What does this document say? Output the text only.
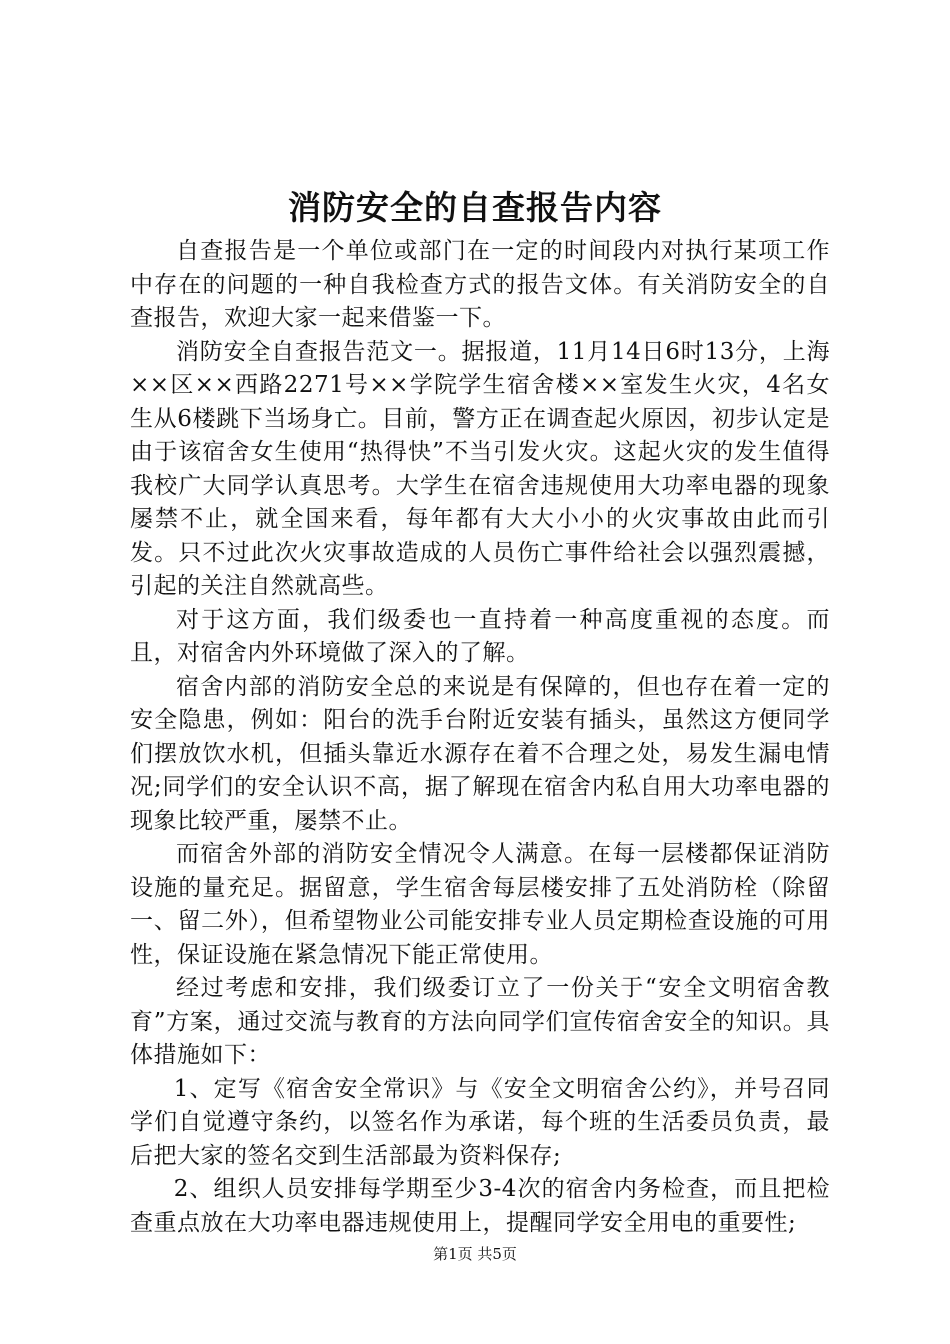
消防安全的自查报告内容

自查报告是一个单位或部门在一定的时间段内对执行某项工作中存在的问题的一种自我检查方式的报告文体。有关消防安全的自查报告，欢迎大家一起来借鉴一下。

消防安全自查报告范文一。据报道，11月14日6时13分，上海××区××西路2271号××学院学生宿舍楼××室发生火灾，4名女生从6楼跳下当场身亡。目前，警方正在调查起火原因，初步认定是由于该宿舍女生使用“热得快”不当引发火灾。这起火灾的发生值得我校广大同学认真思考。大学生在宿舍违规使用大功率电器的现象屡禁不止，就全国来看，每年都有大大小小的火灾事故由此而引发。只不过此次火灾事故造成的人员伤亡事件给社会以强烈震撼，引起的关注自然就高些。

对于这方面，我们级委也一直持着一种高度重视的态度。而且，对宿舍内外环境做了深入的了解。

宿舍内部的消防安全总的来说是有保障的，但也存在着一定的安全隐患，例如：阳台的洗手台附近安装有插头，虽然这方便同学们摆放饮水机，但插头靠近水源存在着不合理之处，易发生漏电情况;同学们的安全认识不高，据了解现在宿舍内私自用大功率电器的现象比较严重，屡禁不止。

而宿舍外部的消防安全情况令人满意。在每一层楼都保证消防设施的量充足。据留意，学生宿舍每层楼安排了五处消防栓（除留一、留二外），但希望物业公司能安排专业人员定期检查设施的可用性，保证设施在紧急情况下能正常使用。

经过考虑和安排，我们级委订立了一份关于“安全文明宿舍教育”方案，通过交流与教育的方法向同学们宣传宿舍安全的知识。具体措施如下：

1、定写《宿舍安全常识》与《安全文明宿舍公约》，并号召同学们自觉遵守条约，以签名作为承诺，每个班的生活委员负责，最后把大家的签名交到生活部最为资料保存;

2、组织人员安排每学期至少3-4次的宿舍内务检查，而且把检查重点放在大功率电器违规使用上，提醒同学安全用电的重要性;

第1页 共5页
